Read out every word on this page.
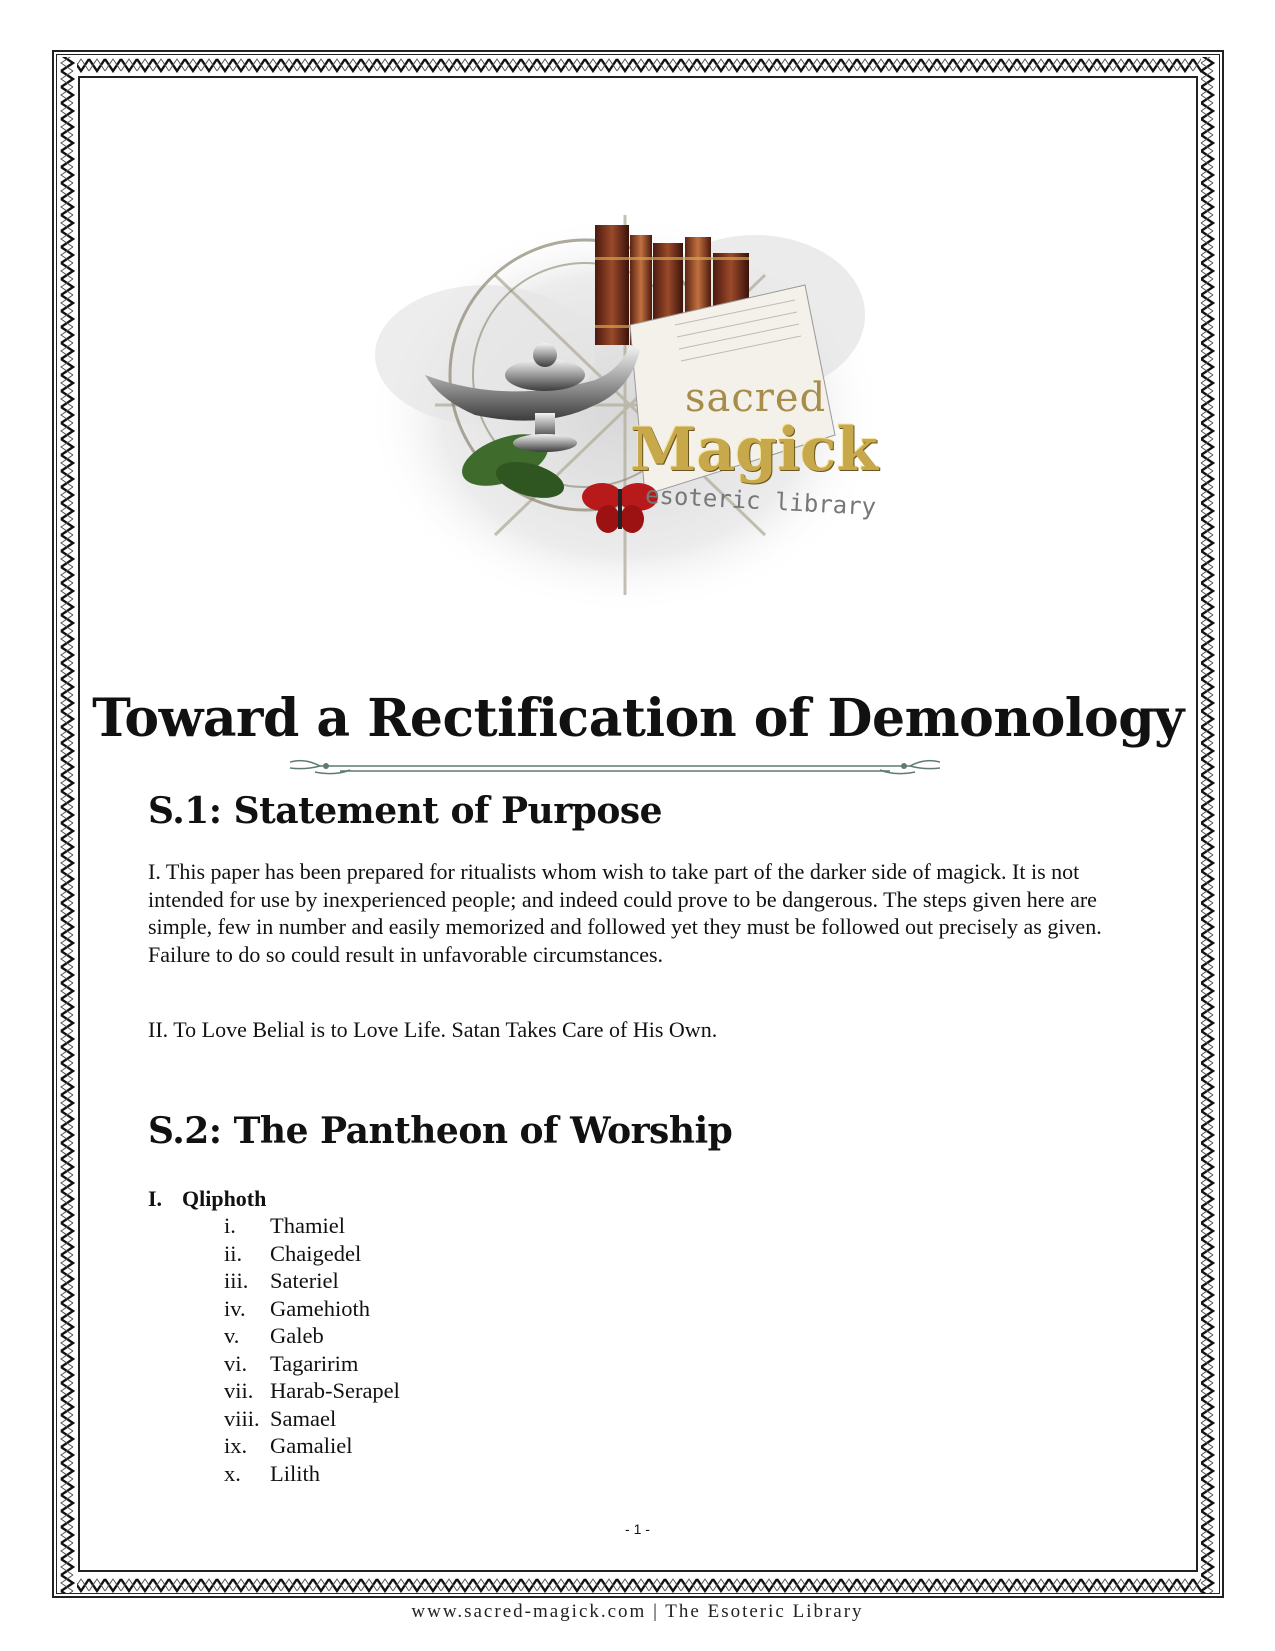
sacred
Magick
esoteric library
Toward a Rectification of Demonology
S.1: Statement of Purpose

I. This paper has been prepared for ritualists whom wish to take part of the darker side of magick. It is not intended for use by inexperienced people; and indeed could prove to be dangerous. The steps given here are simple, few in number and easily memorized and followed yet they must be followed out precisely as given. Failure to do so could result in unfavorable circumstances.

II. To Love Belial is to Love Life. Satan Takes Care of His Own.

S.2: The Pantheon of Worship
I. Qliphoth
i.	Thamiel
ii.	Chaigedel
iii. Sateriel
iv.	Gamehioth
v.	Galeb
vi.	Tagaririm
vii. Harab-Serapel
viii. Samael
ix.	Gamaliel
x.	Lilith
- 1 -
www.sacred-magick.com | The Esoteric Library
